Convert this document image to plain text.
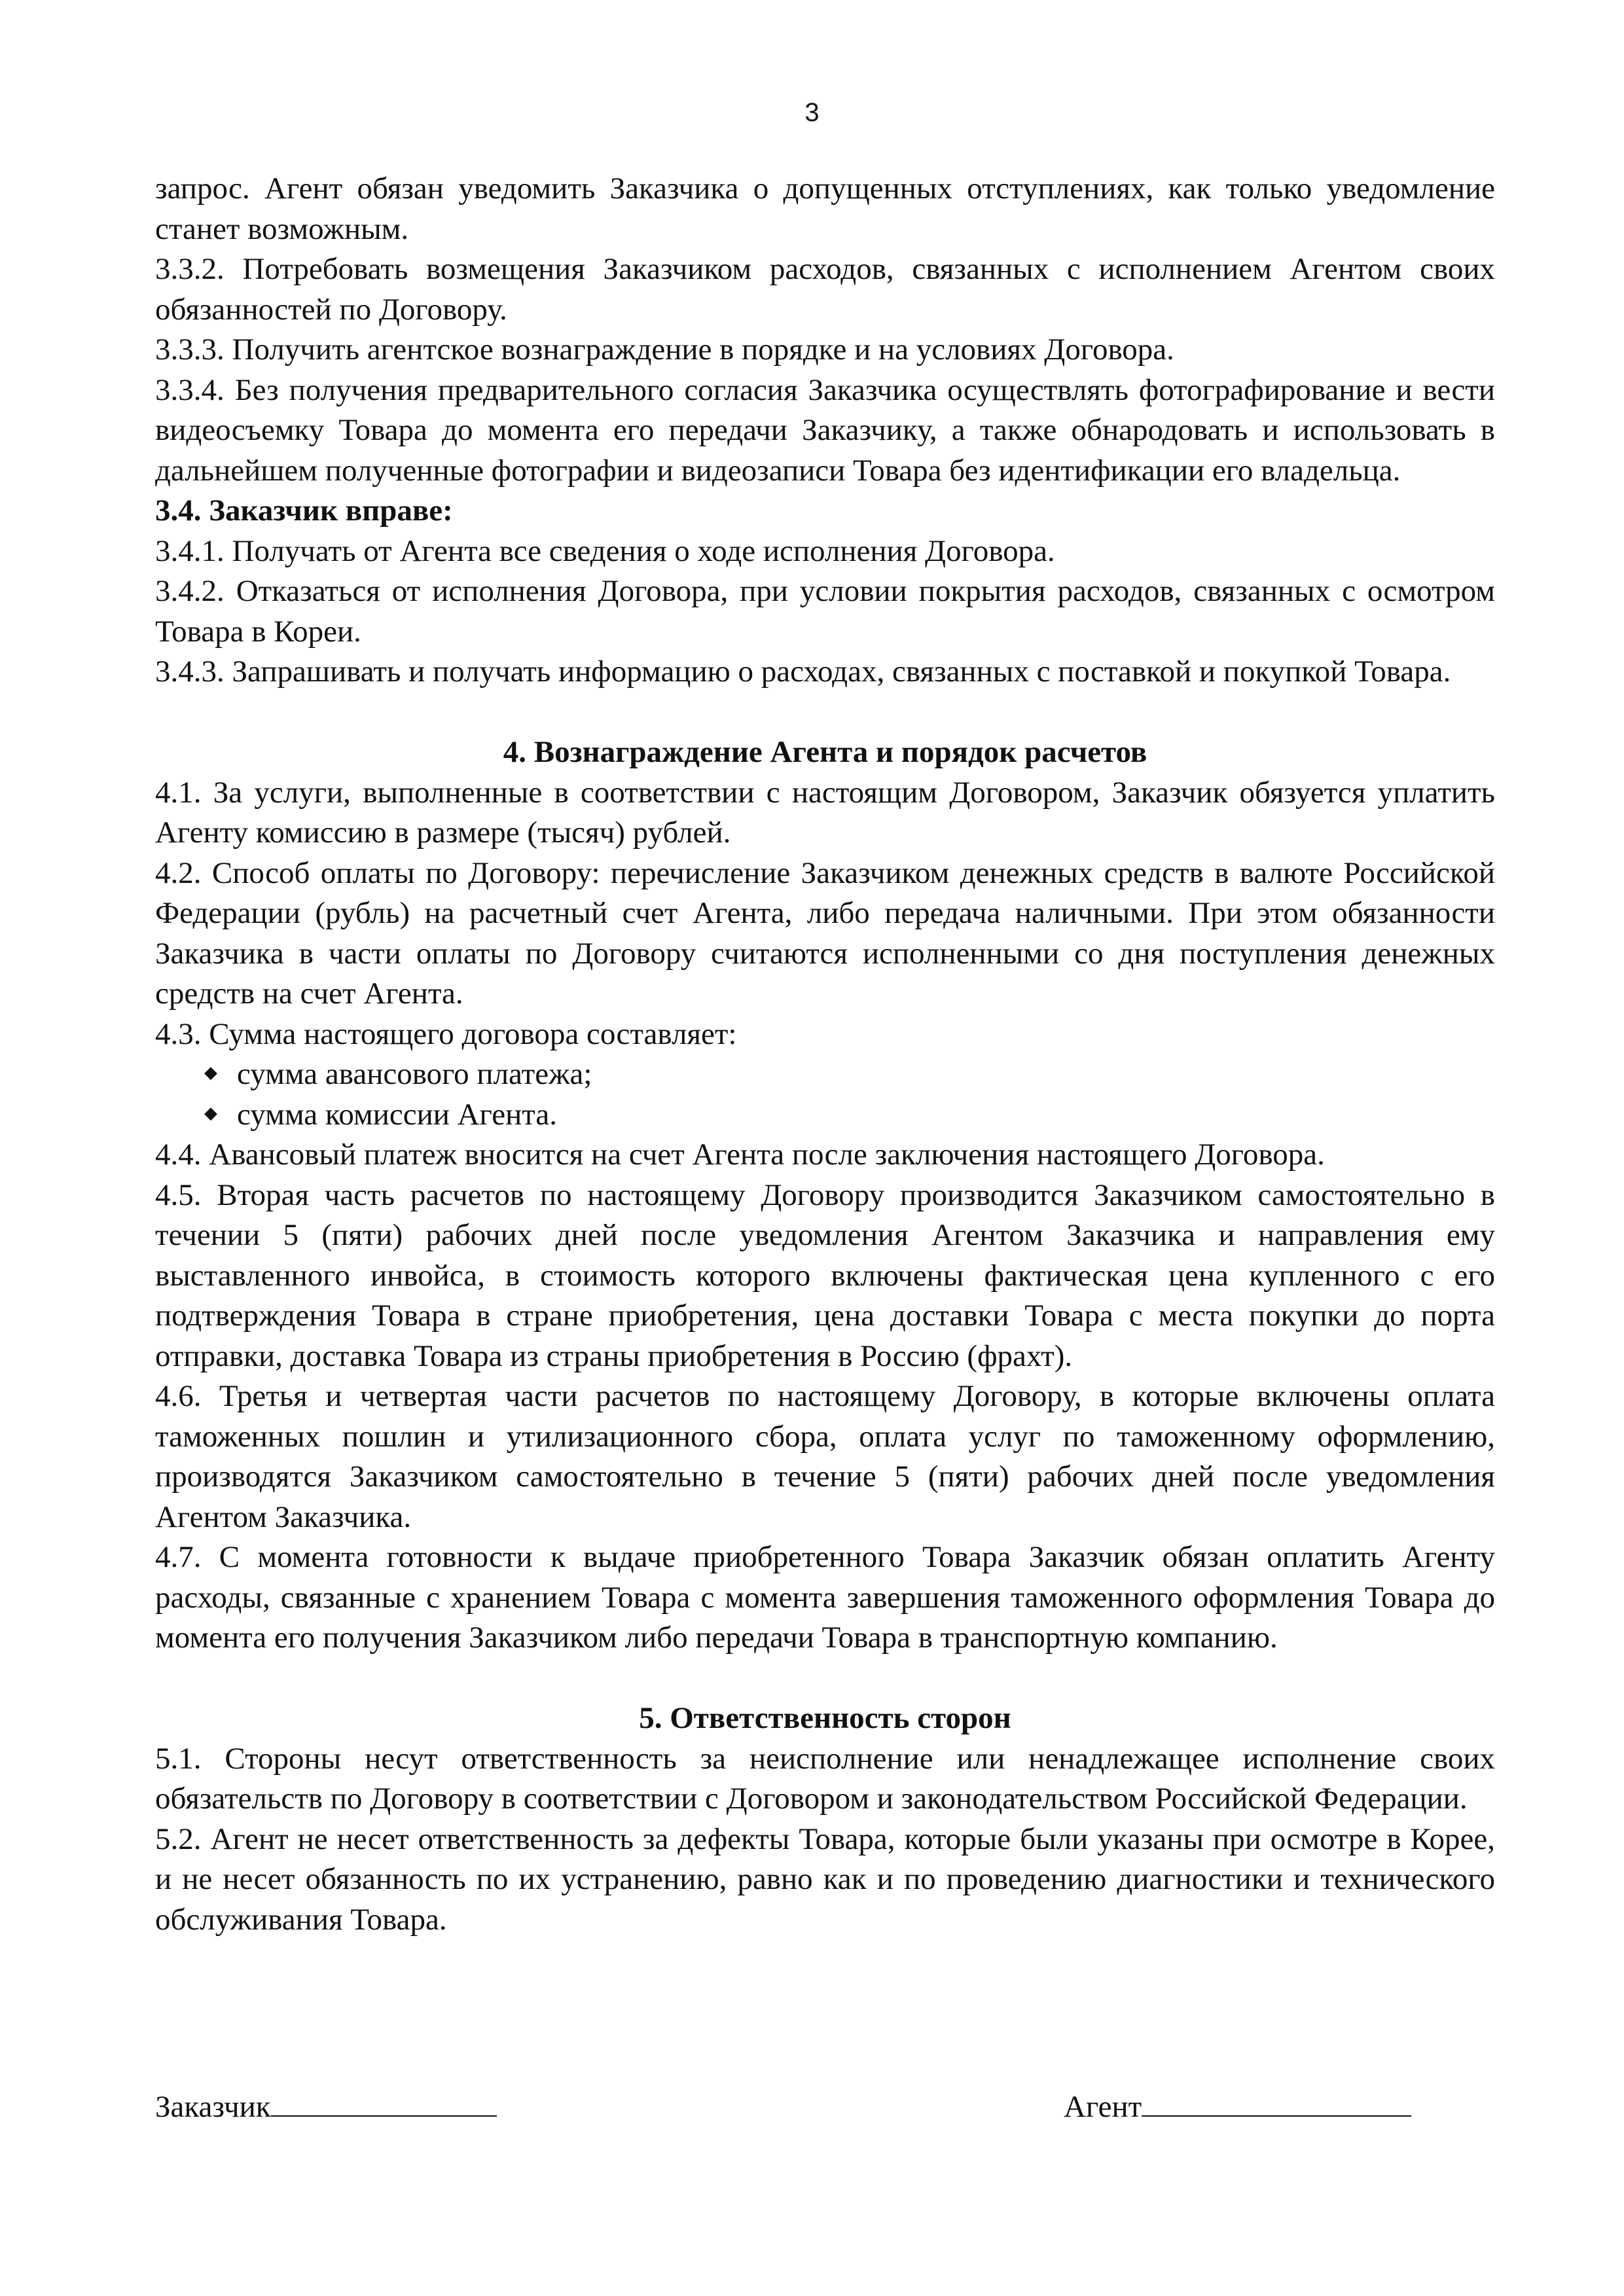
3

запрос. Агент обязан уведомить Заказчика о допущенных отступлениях, как только уведомление станет возможным.

3.3.2. Потребовать возмещения Заказчиком расходов, связанных с исполнением Агентом своих обязанностей по Договору.

3.3.3. Получить агентское вознаграждение в порядке и на условиях Договора.

3.3.4. Без получения предварительного согласия Заказчика осуществлять фотографирование и вести видеосъемку Товара до момента его передачи Заказчику, а также обнародовать и использовать в дальнейшем полученные фотографии и видеозаписи Товара без идентификации его владельца.

3.4. Заказчик вправе:

3.4.1. Получать от Агента все сведения о ходе исполнения Договора.

3.4.2. Отказаться от исполнения Договора, при условии покрытия расходов, связанных с осмотром Товара в Кореи.

3.4.3. Запрашивать и получать информацию о расходах, связанных с поставкой и покупкой Товара.

4. Вознаграждение Агента и порядок расчетов

4.1. За услуги, выполненные в соответствии с настоящим Договором, Заказчик обязуется уплатить Агенту комиссию в размере (тысяч) рублей.

4.2. Способ оплаты по Договору: перечисление Заказчиком денежных средств в валюте Российской Федерации (рубль) на расчетный счет Агента, либо передача наличными. При этом обязанности Заказчика в части оплаты по Договору считаются исполненными со дня поступления денежных средств на счет Агента.

4.3. Сумма настоящего договора составляет:

◆ сумма авансового платежа;
◆ сумма комиссии Агента.

4.4. Авансовый платеж вносится на счет Агента после заключения настоящего Договора.

4.5. Вторая часть расчетов по настоящему Договору производится Заказчиком самостоятельно в течении 5 (пяти) рабочих дней после уведомления Агентом Заказчика и направления ему выставленного инвойса, в стоимость которого включены фактическая цена купленного с его подтверждения Товара в стране приобретения, цена доставки Товара с места покупки до порта отправки, доставка Товара из страны приобретения в Россию (фрахт).

4.6. Третья и четвертая части расчетов по настоящему Договору, в которые включены оплата таможенных пошлин и утилизационного сбора, оплата услуг по таможенному оформлению, производятся Заказчиком самостоятельно в течение 5 (пяти) рабочих дней после уведомления Агентом Заказчика.

4.7. С момента готовности к выдаче приобретенного Товара Заказчик обязан оплатить Агенту расходы, связанные с хранением Товара с момента завершения таможенного оформления Товара до момента его получения Заказчиком либо передачи Товара в транспортную компанию.

5. Ответственность сторон

5.1. Стороны несут ответственность за неисполнение или ненадлежащее исполнение своих обязательств по Договору в соответствии с Договором и законодательством Российской Федерации.

5.2. Агент не несет ответственность за дефекты Товара, которые были указаны при осмотре в Корее, и не несет обязанность по их устранению, равно как и по проведению диагностики и технического обслуживания Товара.

Заказчик	Агент
